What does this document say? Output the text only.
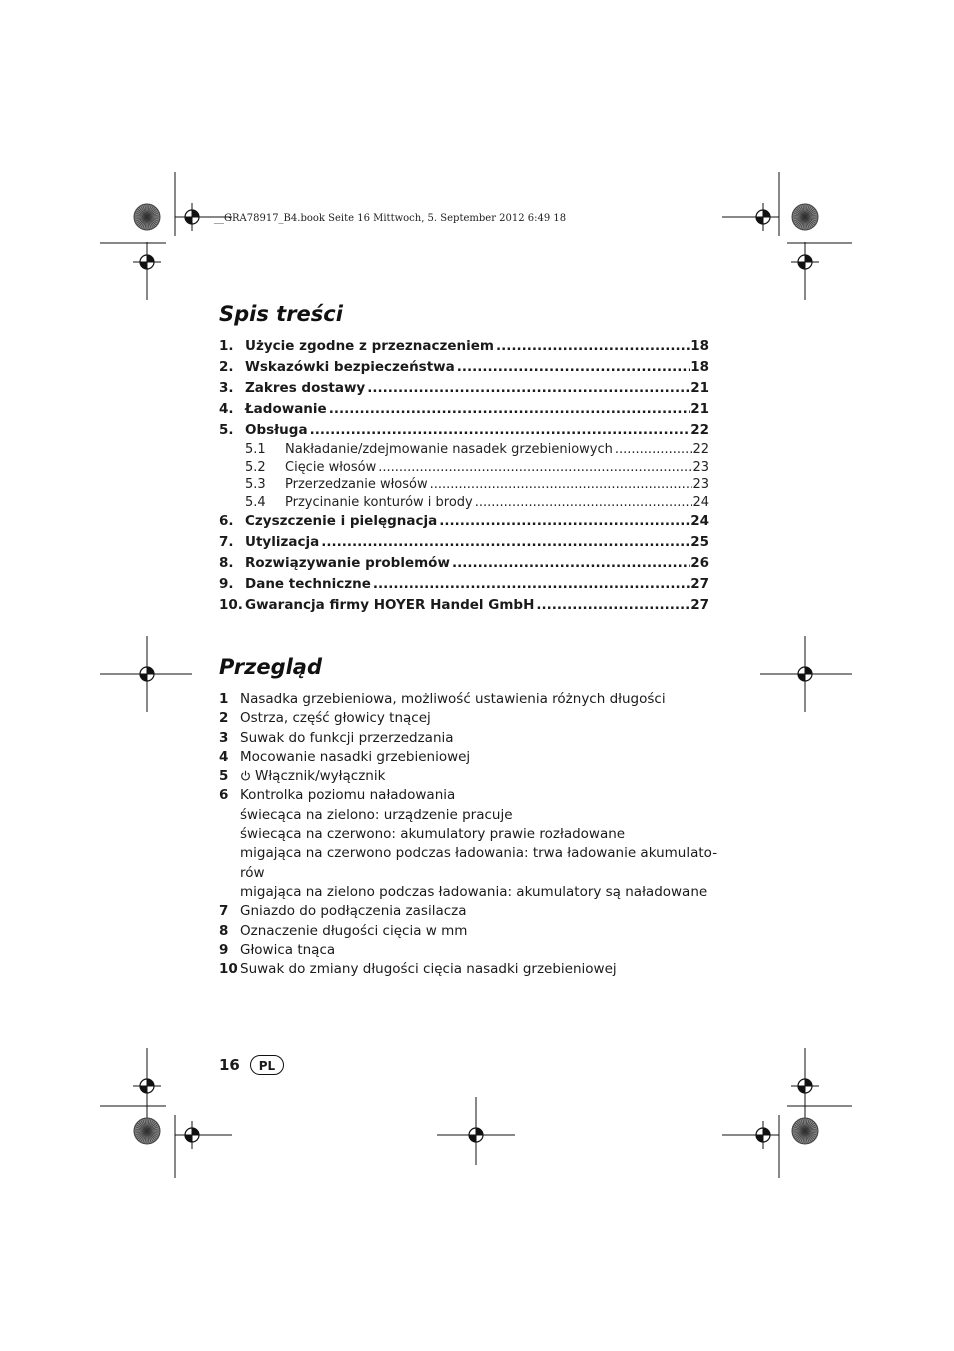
__GRA78917_B4.book Seite 16 Mittwoch, 5. September 2012 6:49 18
Spis treści
1. Użycie zgodne z przeznaczeniem .....	18
2. Wskazówki bezpieczeństwa .....	18
3. Zakres dostawy .....	21
4. Ładowanie .....	21
5. Obsługa .....	22
5.1	Nakładanie/zdejmowanie nasadek grzebieniowych .....	22
5.2	Cięcie włosów .....	23
5.3	Przerzedzanie włosów .....	23
5.4	Przycinanie konturów i brody .....	24
6. Czyszczenie i pielęgnacja .....	24
7. Utylizacja .....	25
8. Rozwiązywanie problemów .....	26
9. Dane techniczne .....	27
10. Gwarancja firmy HOYER Handel GmbH .....	27
Przegląd
1 Nasadka grzebieniowa, możliwość ustawienia różnych długości
2 Ostrza, część głowicy tnącej
3 Suwak do funkcji przerzedzania
4 Mocowanie nasadki grzebieniowej
5	Włącznik/wyłącznik
6 Kontrolka poziomu naładowania
świecąca na zielono: urządzenie pracuje
świecąca na czerwono: akumulatory prawie rozładowane
migająca na czerwono podczas ładowania: trwa ładowanie akumulato-
rów
migająca na zielono podczas ładowania: akumulatory są naładowane
7 Gniazdo do podłączenia zasilacza
8 Oznaczenie długości cięcia w mm
9 Głowica tnąca
10 Suwak do zmiany długości cięcia nasadki grzebieniowej
16	PL
